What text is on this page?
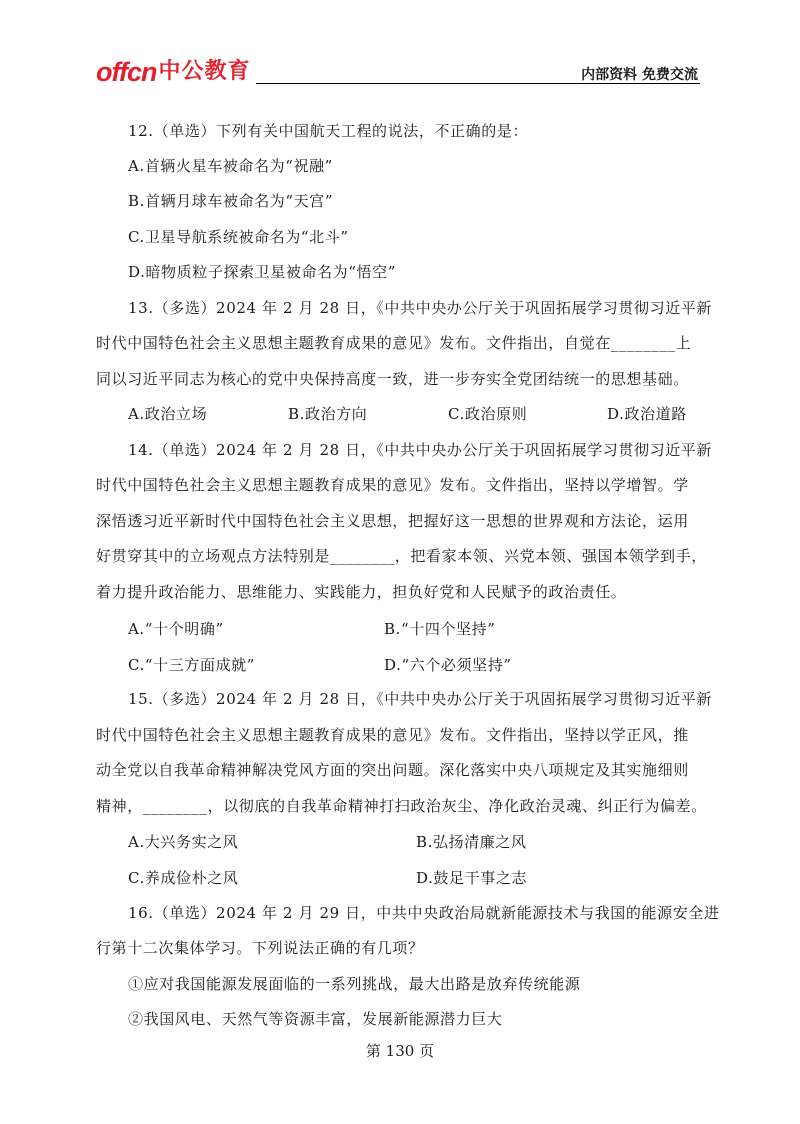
offcn中公教育	内部资料 免费交流
12.（单选）下列有关中国航天工程的说法，不正确的是：
A.首辆火星车被命名为“祝融”
B.首辆月球车被命名为“天宫”
C.卫星导航系统被命名为“北斗”
D.暗物质粒子探索卫星被命名为“悟空”
13.（多选）2024 年 2 月 28 日，《中共中央办公厅关于巩固拓展学习贯彻习近平新
时代中国特色社会主义思想主题教育成果的意见》发布。文件指出，自觉在________上
同以习近平同志为核心的党中央保持高度一致，进一步夯实全党团结统一的思想基础。
A.政治立场	B.政治方向	C.政治原则	D.政治道路
14.（单选）2024 年 2 月 28 日，《中共中央办公厅关于巩固拓展学习贯彻习近平新
时代中国特色社会主义思想主题教育成果的意见》发布。文件指出，坚持以学增智。学
深悟透习近平新时代中国特色社会主义思想，把握好这一思想的世界观和方法论，运用
好贯穿其中的立场观点方法特别是________，把看家本领、兴党本领、强国本领学到手，
着力提升政治能力、思维能力、实践能力，担负好党和人民赋予的政治责任。
A.“十个明确”	B.“十四个坚持”
C.“十三方面成就”	D.“六个必须坚持”
15.（多选）2024 年 2 月 28 日，《中共中央办公厅关于巩固拓展学习贯彻习近平新
时代中国特色社会主义思想主题教育成果的意见》发布。文件指出，坚持以学正风，推
动全党以自我革命精神解决党风方面的突出问题。深化落实中央八项规定及其实施细则
精神，________，以彻底的自我革命精神打扫政治灰尘、净化政治灵魂、纠正行为偏差。
A.大兴务实之风	B.弘扬清廉之风
C.养成俭朴之风	D.鼓足干事之志
16.（单选）2024 年 2 月 29 日，中共中央政治局就新能源技术与我国的能源安全进
行第十二次集体学习。下列说法正确的有几项？
①应对我国能源发展面临的一系列挑战，最大出路是放弃传统能源
②我国风电、天然气等资源丰富，发展新能源潜力巨大
第 130 页
